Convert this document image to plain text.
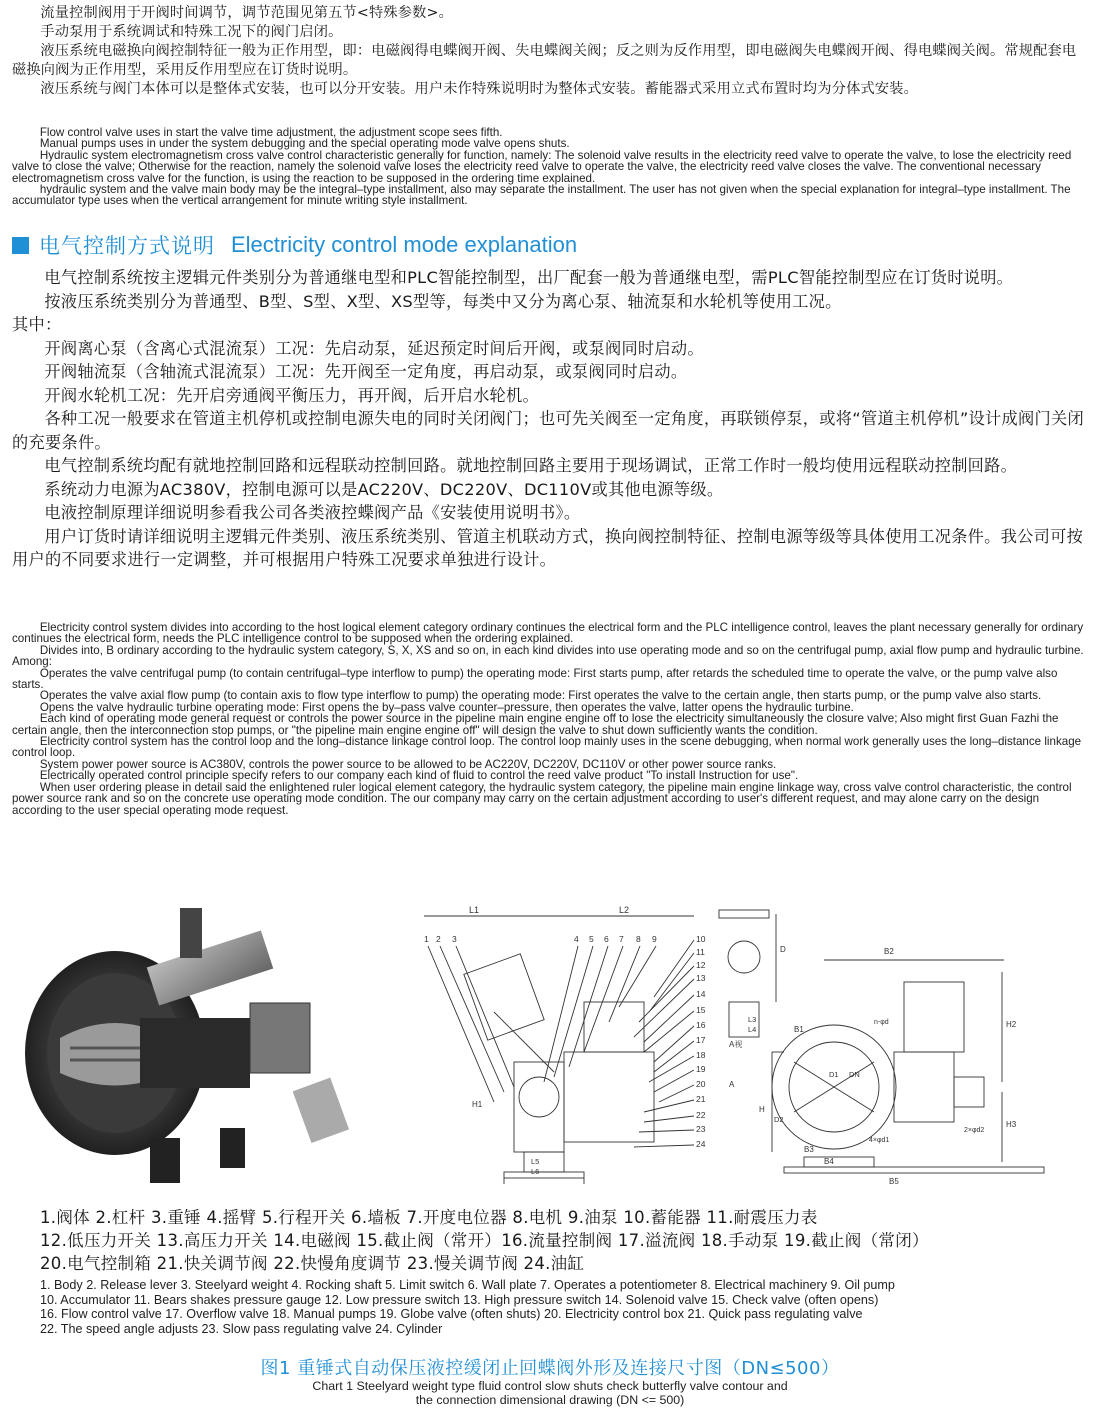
流量控制阀用于开阀时间调节，调节范围见第五节<特殊参数>。

手动泵用于系统调试和特殊工况下的阀门启闭。

液压系统电磁换向阀控制特征一般为正作用型，即：电磁阀得电蝶阀开阀、失电蝶阀关阀；反之则为反作用型，即电磁阀失电蝶阀开阀、得电蝶阀关阀。常规配套电磁换向阀为正作用型，采用反作用型应在订货时说明。

液压系统与阀门本体可以是整体式安装，也可以分开安装。用户未作特殊说明时为整体式安装。蓄能器式采用立式布置时均为分体式安装。

Flow control valve uses in start the valve time adjustment, the adjustment scope sees fifth.

Manual pumps uses in under the system debugging and the special operating mode valve opens shuts.

Hydraulic system electromagnetism cross valve control characteristic generally for function, namely: The solenoid valve results in the electricity reed valve to operate the valve, to lose the electricity reed valve to close the valve; Otherwise for the reaction, namely the solenoid valve loses the electricity reed valve to operate the valve, the electricity reed valve closes the valve. The conventional necessary electromagnetism cross valve for the function, is using the reaction to be supposed in the ordering time explained.

hydraulic system and the valve main body may be the integral–type installment, also may separate the installment. The user has not given when the special explanation for integral–type installment. The accumulator type uses when the vertical arrangement for minute writing style installment.

电气控制方式说明 Electricity control mode explanation

电气控制系统按主逻辑元件类别分为普通继电型和PLC智能控制型，出厂配套一般为普通继电型，需PLC智能控制型应在订货时说明。

按液压系统类别分为普通型、B型、S型、X型、XS型等，每类中又分为离心泵、轴流泵和水轮机等使用工况。

其中：

开阀离心泵（含离心式混流泵）工况：先启动泵，延迟预定时间后开阀，或泵阀同时启动。

开阀轴流泵（含轴流式混流泵）工况：先开阀至一定角度，再启动泵，或泵阀同时启动。

开阀水轮机工况：先开启旁通阀平衡压力，再开阀，后开启水轮机。

各种工况一般要求在管道主机停机或控制电源失电的同时关闭阀门；也可先关阀至一定角度，再联锁停泵，或将“管道主机停机”设计成阀门关闭的充要条件。

电气控制系统均配有就地控制回路和远程联动控制回路。就地控制回路主要用于现场调试，正常工作时一般均使用远程联动控制回路。

系统动力电源为AC380V，控制电源可以是AC220V、DC220V、DC110V或其他电源等级。

电液控制原理详细说明参看我公司各类液控蝶阀产品《安装使用说明书》。

用户订货时请详细说明主逻辑元件类别、液压系统类别、管道主机联动方式，换向阀控制特征、控制电源等级等具体使用工况条件。我公司可按用户的不同要求进行一定调整，并可根据用户特殊工况要求单独进行设计。

Electricity control system divides into according to the host logical element category ordinary continues the electrical form and the PLC intelligence control, leaves the plant necessary generally for ordinary continues the electrical form, needs the PLC intelligence control to be supposed when the ordering explained.

Divides into, B ordinary according to the hydraulic system category, S, X, XS and so on, in each kind divides into use operating mode and so on the centrifugal pump, axial flow pump and hydraulic turbine. Among:

Operates the valve centrifugal pump (to contain centrifugal–type interflow to pump) the operating mode: First starts pump, after retards the scheduled time to operate the valve, or the pump valve also starts.

Operates the valve axial flow pump (to contain axis to flow type interflow to pump) the operating mode: First operates the valve to the certain angle, then starts pump, or the pump valve also starts.

Opens the valve hydraulic turbine operating mode: First opens the by–pass valve counter–pressure, then operates the valve, latter opens the hydraulic turbine.

Each kind of operating mode general request or controls the power source in the pipeline main engine engine off to lose the electricity simultaneously the closure valve; Also might first Guan Fazhi the certain angle, then the interconnection stop pumps, or "the pipeline main engine engine off" will design the valve to shut down sufficiently wants the condition.

Electricity control system has the control loop and the long–distance linkage control loop. The control loop mainly uses in the scene debugging, when normal work generally uses the long–distance linkage control loop.

System power power source is AC380V, controls the power source to be allowed to be AC220V, DC220V, DC110V or other power source ranks.

Electrically operated control principle specify refers to our company each kind of fluid to control the reed valve product "To install Instruction for use".

When user ordering please in detail said the enlightened ruler logical element category, the hydraulic system category, the pipeline main engine linkage way, cross valve control characteristic, the control power source rank and so on the concrete use operating mode condition. The our company may carry on the certain adjustment according to user's different request, and may alone carry on the design according to the user special operating mode request.

L1	L2
1 2 3	4 5 6 7 8 9	10
11
12
13
14
15
16
17
18
19
20
21
22
23
24
H1
L5
L6
D
L3
L4
A视
D1 DN
A
H
B1
n-φd
4×φd1
2×φd2
B3
B4
B5
B2
H2
H3
D2
1.阀体 2.杠杆 3.重锤 4.摇臂 5.行程开关 6.墙板 7.开度电位器 8.电机 9.油泵 10.蓄能器 11.耐震压力表
12.低压力开关 13.高压力开关 14.电磁阀 15.截止阀（常开）16.流量控制阀 17.溢流阀 18.手动泵 19.截止阀（常闭）
20.电气控制箱 21.快关调节阀 22.快慢角度调节 23.慢关调节阀 24.油缸
1. Body 2. Release lever 3. Steelyard weight 4. Rocking shaft 5. Limit switch 6. Wall plate 7. Operates a potentiometer 8. Electrical machinery 9. Oil pump
10. Accumulator 11. Bears shakes pressure gauge 12. Low pressure switch 13. High pressure switch 14. Solenoid valve 15. Check valve (often opens)
16. Flow control valve 17. Overflow valve 18. Manual pumps 19. Globe valve (often shuts) 20. Electricity control box 21. Quick pass regulating valve
22. The speed angle adjusts 23. Slow pass regulating valve 24. Cylinder
图1 重锤式自动保压液控缓闭止回蝶阀外形及连接尺寸图（DN≤500）
Chart 1 Steelyard weight type fluid control slow shuts check butterfly valve contour and
the connection dimensional drawing (DN <= 500)
